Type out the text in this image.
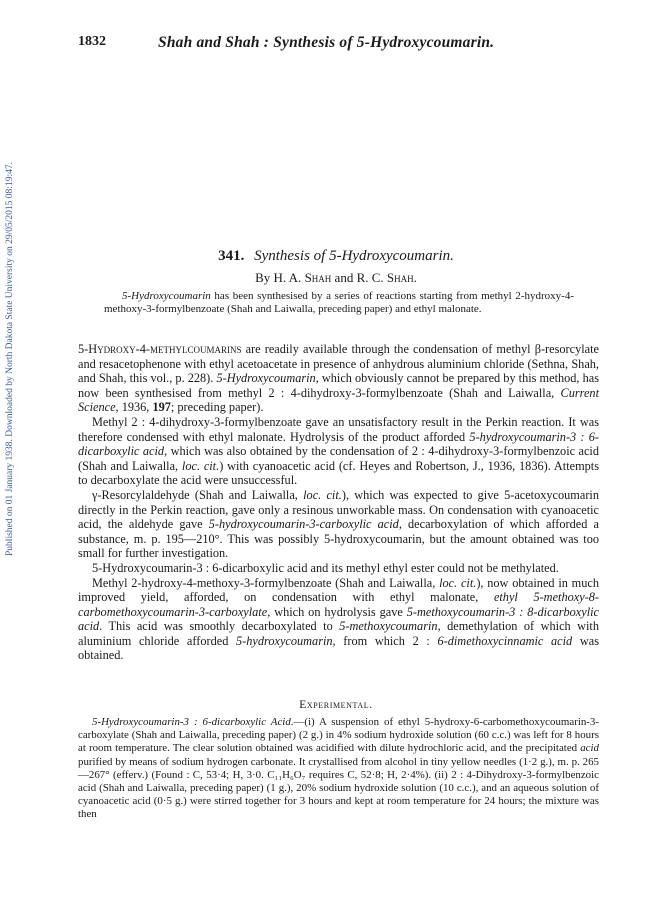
1832	Shah and Shah : Synthesis of 5-Hydroxycoumarin.
Published on 01 January 1938. Downloaded by North Dakota State University on 29/05/2015 08:19:47.	341. Synthesis of 5-Hydroxycoumarin.
By H. A. Shah and R. C. Shah.

5-Hydroxycoumarin has been synthesised by a series of reactions starting from methyl 2-hydroxy-4-methoxy-3-formylbenzoate (Shah and Laiwalla, preceding paper) and ethyl malonate.

5-Hydroxy-4-methylcoumarins are readily available through the condensation of methyl β-resorcylate and resacetophenone with ethyl acetoacetate in presence of anhydrous aluminium chloride (Sethna, Shah, and Shah, this vol., p. 228). 5-Hydroxycoumarin, which obviously cannot be prepared by this method, has now been synthesised from methyl 2 : 4-dihydroxy-3-formylbenzoate (Shah and Laiwalla, Current Science, 1936, 197; preceding paper).

Methyl 2 : 4-dihydroxy-3-formylbenzoate gave an unsatisfactory result in the Perkin reaction. It was therefore condensed with ethyl malonate. Hydrolysis of the product afforded 5-hydroxycoumarin-3 : 6-dicarboxylic acid, which was also obtained by the condensation of 2 : 4-dihydroxy-3-formylbenzoic acid (Shah and Laiwalla, loc. cit.) with cyanoacetic acid (cf. Heyes and Robertson, J., 1936, 1836). Attempts to decarboxylate the acid were unsuccessful.

γ-Resorcylaldehyde (Shah and Laiwalla, loc. cit.), which was expected to give 5-acetoxycoumarin directly in the Perkin reaction, gave only a resinous unworkable mass. On condensation with cyanoacetic acid, the aldehyde gave 5-hydroxycoumarin-3-carboxylic acid, decarboxylation of which afforded a substance, m. p. 195—210°. This was possibly 5-hydroxycoumarin, but the amount obtained was too small for further investigation.

5-Hydroxycoumarin-3 : 6-dicarboxylic acid and its methyl ethyl ester could not be methylated.

Methyl 2-hydroxy-4-methoxy-3-formylbenzoate (Shah and Laiwalla, loc. cit.), now obtained in much improved yield, afforded, on condensation with ethyl malonate, ethyl 5-methoxy-8-carbomethoxycoumarin-3-carboxylate, which on hydrolysis gave 5-methoxycoumarin-3 : 8-dicarboxylic acid. This acid was smoothly decarboxylated to 5-methoxycoumarin, demethylation of which with aluminium chloride afforded 5-hydroxycoumarin, from which 2 : 6-dimethoxycinnamic acid was obtained.

Experimental.

5-Hydroxycoumarin-3 : 6-dicarboxylic Acid.—(i) A suspension of ethyl 5-hydroxy-6-carbomethoxycoumarin-3-carboxylate (Shah and Laiwalla, preceding paper) (2 g.) in 4% sodium hydroxide solution (60 c.c.) was left for 8 hours at room temperature. The clear solution obtained was acidified with dilute hydrochloric acid, and the precipitated acid purified by means of sodium hydrogen carbonate. It crystallised from alcohol in tiny yellow needles (1·2 g.), m. p. 265—267° (efferv.) (Found : C, 53·4; H, 3·0. C₁₁H₆O₇ requires C, 52·8; H, 2·4%). (ii) 2 : 4-Dihydroxy-3-formylbenzoic acid (Shah and Laiwalla, preceding paper) (1 g.), 20% sodium hydroxide solution (10 c.c.), and an aqueous solution of cyanoacetic acid (0·5 g.) were stirred together for 3 hours and kept at room temperature for 24 hours; the mixture was then
